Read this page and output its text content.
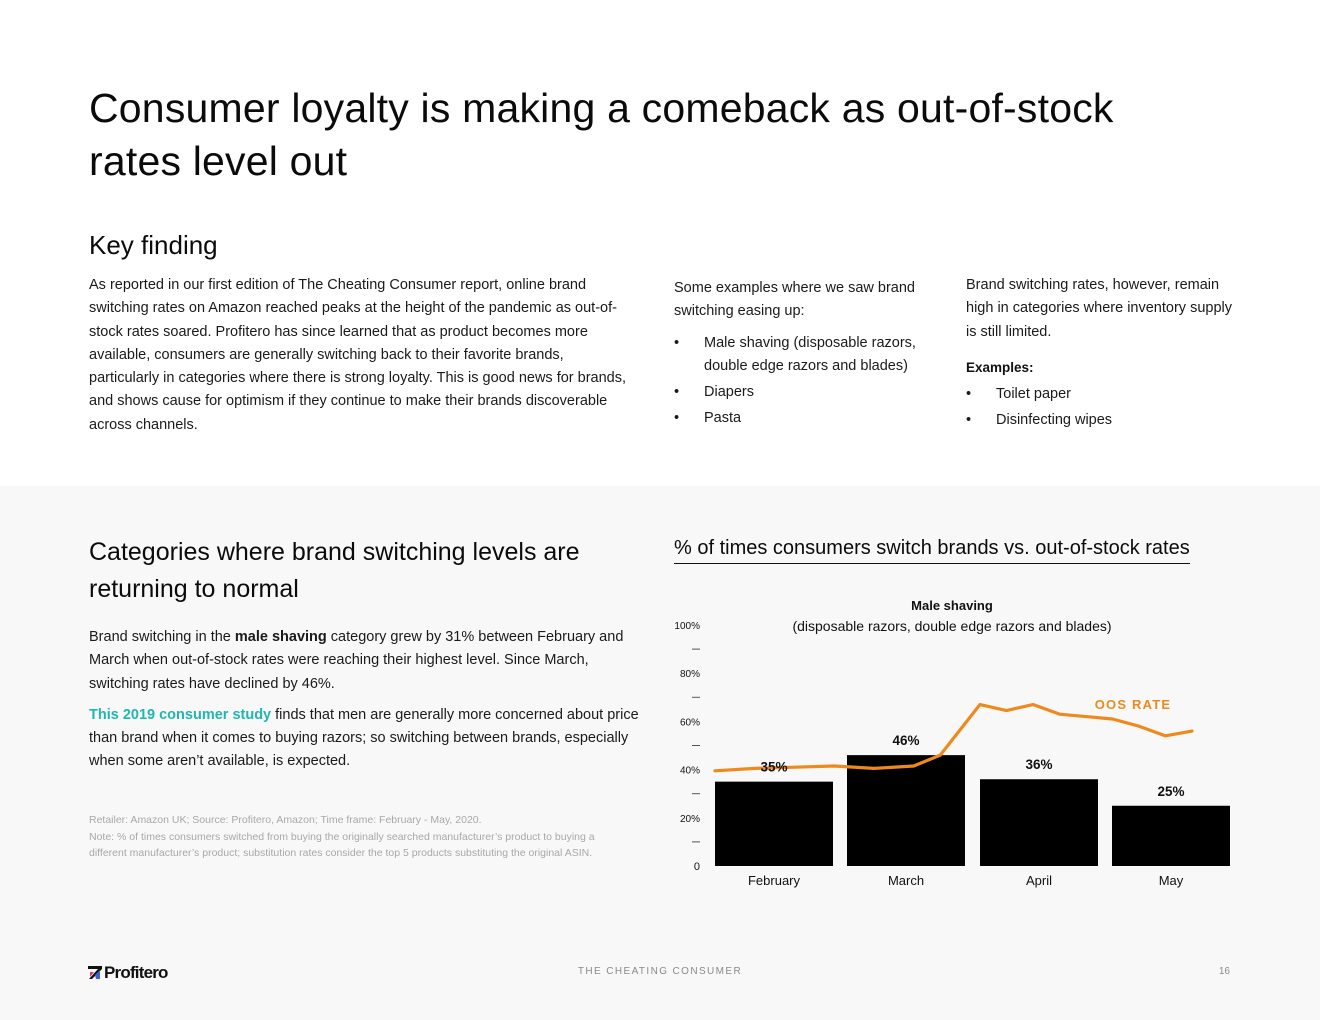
Consumer loyalty is making a comeback as out-of-stock rates level out
Key finding

As reported in our first edition of The Cheating Consumer report, online brand switching rates on Amazon reached peaks at the height of the pandemic as out-of-stock rates soared. Profitero has since learned that as product becomes more available, consumers are generally switching back to their favorite brands, particularly in categories where there is strong loyalty. This is good news for brands, and shows cause for optimism if they continue to make their brands discoverable across channels.

Some examples where we saw brand switching easing up:

•	Male shaving (disposable razors, double edge razors and blades)
•	Diapers
•	Pasta

Brand switching rates, however, remain high in categories where inventory supply is still limited.

Examples:

•	Toilet paper
•	Disinfecting wipes
Categories where brand switching levels are returning to normal

Brand switching in the male shaving category grew by 31% between February and March when out-of-stock rates were reaching their highest level. Since March, switching rates have declined by 46%.

This 2019 consumer study finds that men are generally more concerned about price than brand when it comes to buying razors; so switching between brands, especially when some aren’t available, is expected.

Retailer: Amazon UK; Source: Profitero, Amazon; Time frame: February - May, 2020.

Note: % of times consumers switched from buying the originally searched manufacturer’s product to buying a different manufacturer’s product; substitution rates consider the top 5 products substituting the original ASIN.

% of times consumers switch brands vs. out-of-stock rates
Male shaving
(disposable razors, double edge razors and blades)
0
20%
40%
60%
80%
100%
OOS RATE
35%
February
46%
March
36%
April
25%
May
Profitero	THE CHEATING CONSUMER	16
